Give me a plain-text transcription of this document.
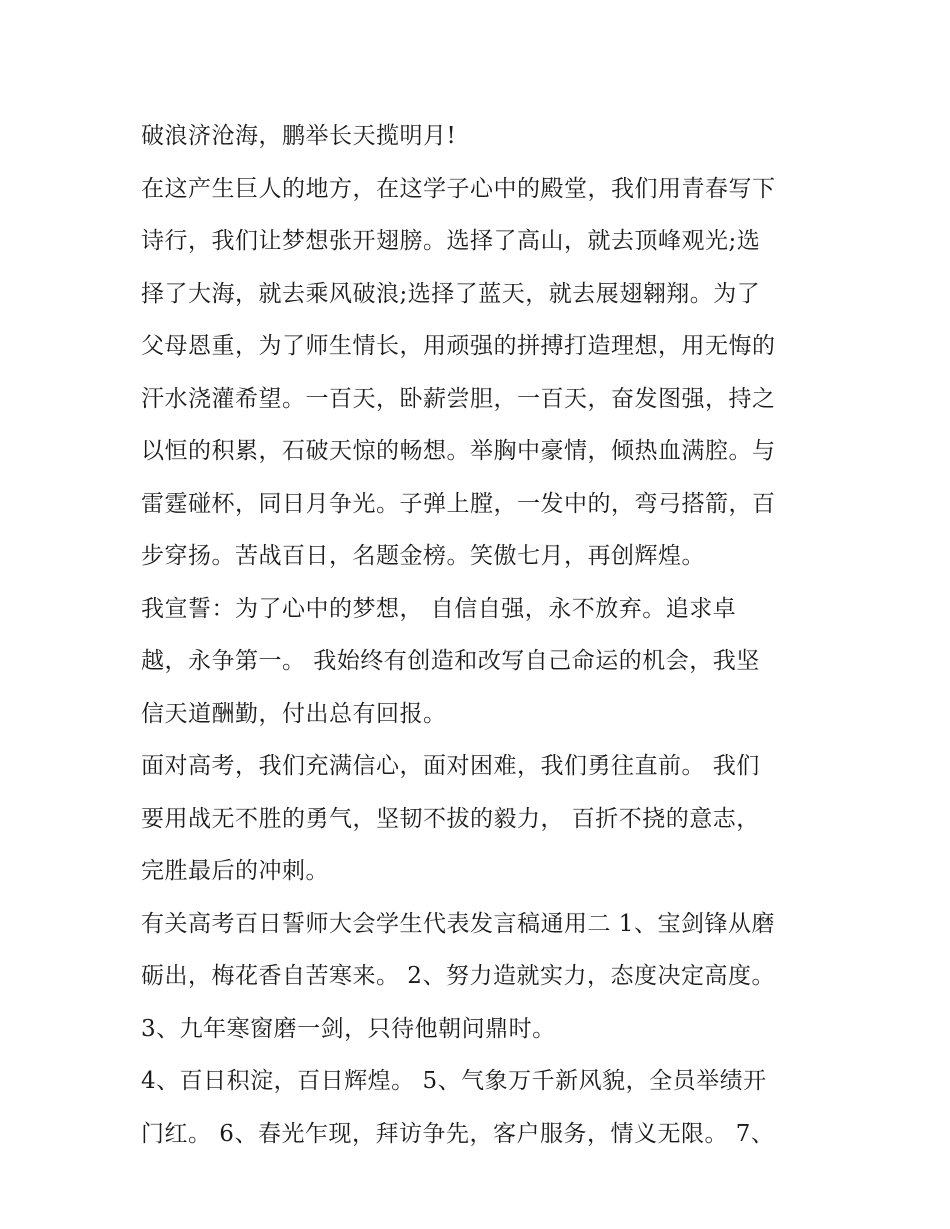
破浪济沧海，鹏举长天揽明月!
在这产生巨人的地方，在这学子心中的殿堂，我们用青春写下
诗行，我们让梦想张开翅膀。选择了高山，就去顶峰观光;选
择了大海，就去乘风破浪;选择了蓝天，就去展翅翱翔。为了
父母恩重，为了师生情长，用顽强的拼搏打造理想，用无悔的
汗水浇灌希望。一百天，卧薪尝胆，一百天，奋发图强，持之
以恒的积累，石破天惊的畅想。举胸中豪情，倾热血满腔。与
雷霆碰杯，同日月争光。子弹上膛，一发中的，弯弓搭箭，百
步穿扬。苦战百日，名题金榜。笑傲七月，再创辉煌。
我宣誓：为了心中的梦想， 自信自强，永不放弃。追求卓
越，永争第一。 我始终有创造和改写自己命运的机会，我坚
信天道酬勤，付出总有回报。
面对高考，我们充满信心，面对困难，我们勇往直前。 我们
要用战无不胜的勇气，坚韧不拔的毅力， 百折不挠的意志，
完胜最后的冲刺。
有关高考百日誓师大会学生代表发言稿通用二 1、宝剑锋从磨
砺出，梅花香自苦寒来。 2、努力造就实力，态度决定高度。
3、九年寒窗磨一剑，只待他朝问鼎时。
4、百日积淀，百日辉煌。 5、气象万千新风貌，全员举绩开
门红。 6、春光乍现，拜访争先，客户服务，情义无限。 7、
